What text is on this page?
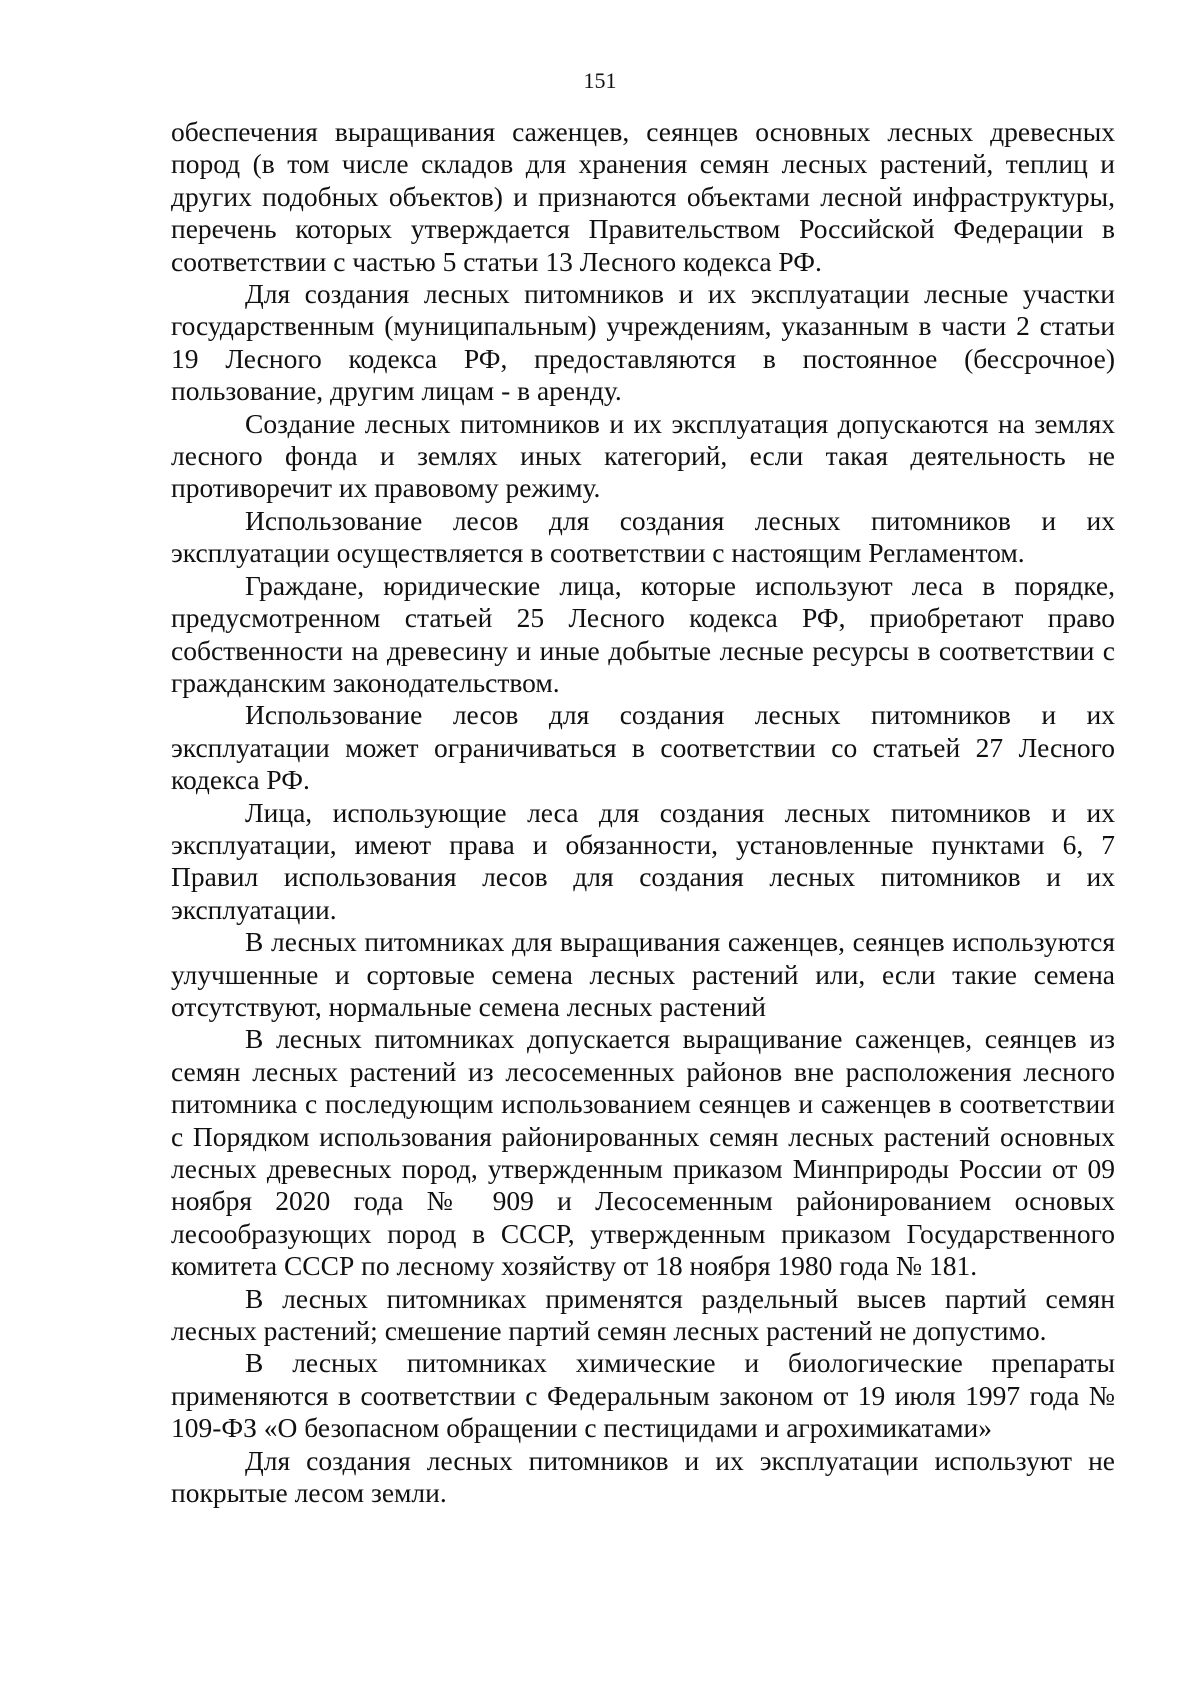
151

обеспечения выращивания саженцев, сеянцев основных лесных древесных пород (в том числе складов для хранения семян лесных растений, теплиц и других подобных объектов) и признаются объектами лесной инфраструктуры, перечень которых утверждается Правительством Российской Федерации в соответствии с частью 5 статьи 13 Лесного кодекса РФ.

Для создания лесных питомников и их эксплуатации лесные участки государственным (муниципальным) учреждениям, указанным в части 2 статьи 19 Лесного кодекса РФ, предоставляются в постоянное (бессрочное) пользование, другим лицам - в аренду.

Создание лесных питомников и их эксплуатация допускаются на землях лесного фонда и землях иных категорий, если такая деятельность не противоречит их правовому режиму.

Использование лесов для создания лесных питомников и их эксплуатации осуществляется в соответствии с настоящим Регламентом.

Граждане, юридические лица, которые используют леса в порядке, предусмотренном статьей 25 Лесного кодекса РФ, приобретают право собственности на древесину и иные добытые лесные ресурсы в соответствии с гражданским законодательством.

Использование лесов для создания лесных питомников и их эксплуатации может ограничиваться в соответствии со статьей 27 Лесного кодекса РФ.

Лица, использующие леса для создания лесных питомников и их эксплуатации, имеют права и обязанности, установленные пунктами 6, 7 Правил использования лесов для создания лесных питомников и их эксплуатации.

В лесных питомниках для выращивания саженцев, сеянцев используются улучшенные и сортовые семена лесных растений или, если такие семена отсутствуют, нормальные семена лесных растений

В лесных питомниках допускается выращивание саженцев, сеянцев из семян лесных растений из лесосеменных районов вне расположения лесного питомника с последующим использованием сеянцев и саженцев в соответствии с Порядком использования районированных семян лесных растений основных лесных древесных пород, утвержденным приказом Минприроды России от 09 ноября 2020 года № 909 и Лесосеменным районированием основых лесообразующих пород в СССР, утвержденным приказом Государственного комитета СССР по лесному хозяйству от 18 ноября 1980 года № 181.

В лесных питомниках применятся раздельный высев партий семян лесных растений; смешение партий семян лесных растений не допустимо.

В лесных питомниках химические и биологические препараты применяются в соответствии с Федеральным законом от 19 июля 1997 года № 109-ФЗ «О безопасном обращении с пестицидами и агрохимикатами»

Для создания лесных питомников и их эксплуатации используют не покрытые лесом земли.
